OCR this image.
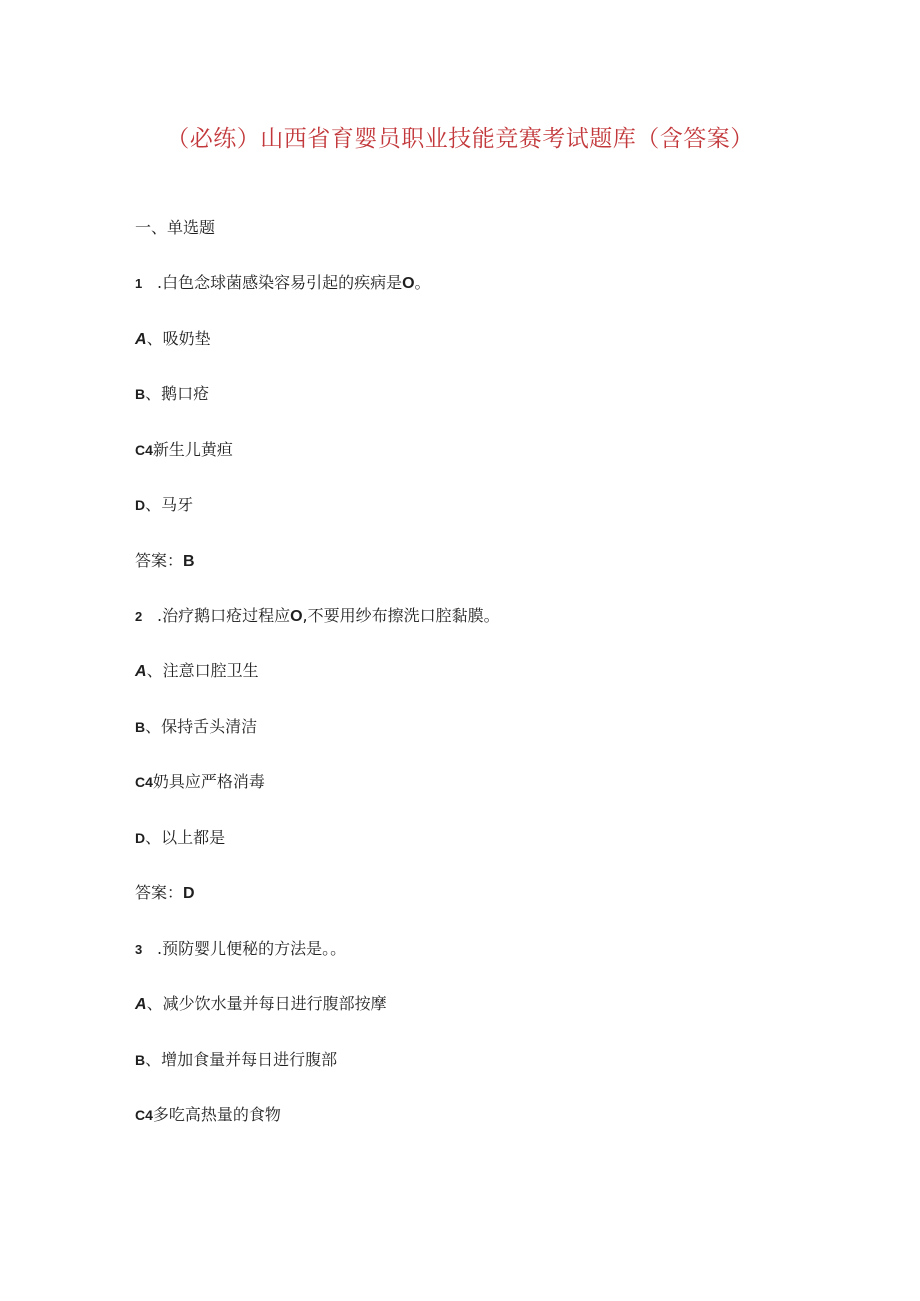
（必练）山西省育婴员职业技能竞赛考试题库（含答案）
一、单选题
1 .白色念球菌感染容易引起的疾病是O。
A、吸奶垫
B、鹅口疮
C4新生儿黄疸
D、马牙
答案：B
2 .治疗鹅口疮过程应O,不要用纱布擦洗口腔黏膜。
A、注意口腔卫生
B、保持舌头清洁
C4奶具应严格消毒
D、以上都是
答案：D
3 .预防婴儿便秘的方法是。。
A、减少饮水量并每日进行腹部按摩
B、增加食量并每日进行腹部
C4多吃高热量的食物
